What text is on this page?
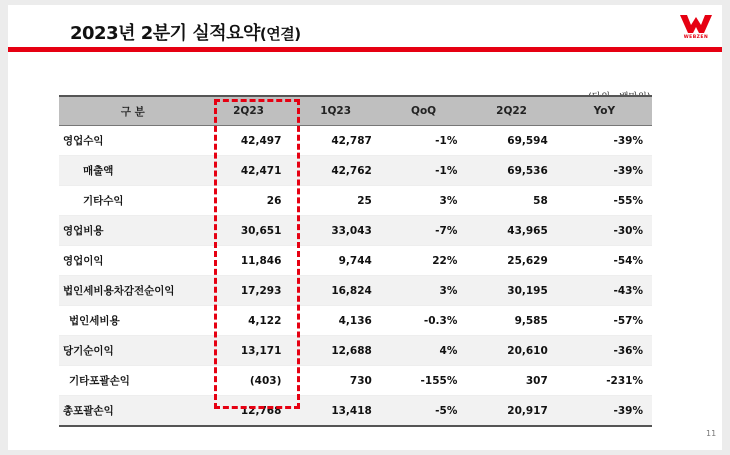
2023년 2분기 실적요약(연결)	WEBZEN
11
구 분	2Q23	1Q23	QoQ	2Q22	YoY
영업수익	42,497	42,787	-1%	69,594	-39%
매출액	42,471	42,762	-1%	69,536	-39%
기타수익	26	25	3%	58	-55%
영업비용	30,651	33,043	-7%	43,965	-30%
영업이익	11,846	9,744	22%	25,629	-54%
법인세비용차감전순이익	17,293	16,824	3%	30,195	-43%
법인세비용	4,122	4,136	-0.3%	9,585	-57%
당기순이익	13,171	12,688	4%	20,610	-36%
기타포괄손익	(403)	730	-155%	307	-231%
총포괄손익	12,768	13,418	-5%	20,917	-39%
